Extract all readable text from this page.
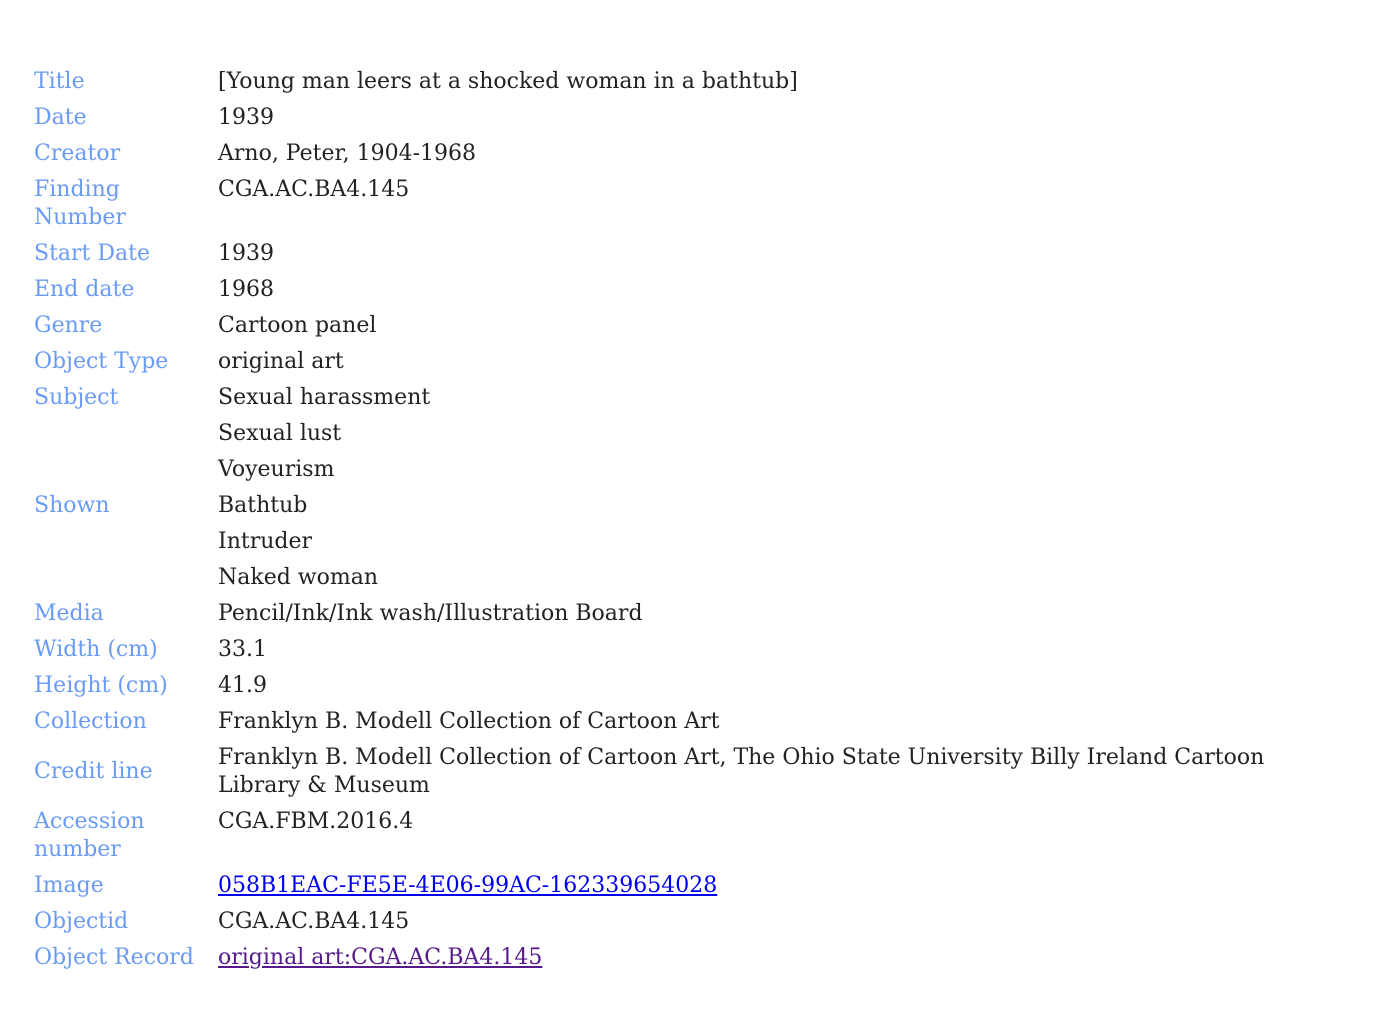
Title	[Young man leers at a shocked woman in a bathtub]

Date	1939

Creator	Arno, Peter, 1904-1968

Finding Number	CGA.AC.BA4.145

Start Date	1939

End date	1968

Genre	Cartoon panel

Object Type	original art

Subject	Sexual harassment
Sexual lust
Voyeurism

Shown	Bathtub
Intruder
Naked woman

Media	Pencil/Ink/Ink wash/Illustration Board

Width (cm)	33.1

Height (cm)	41.9

Collection	Franklyn B. Modell Collection of Cartoon Art

Credit line	Franklyn B. Modell Collection of Cartoon Art, The Ohio State University Billy Ireland Cartoon Library & Museum

Accession number	CGA.FBM.2016.4

Image	058B1EAC-FE5E-4E06-99AC-162339654028

Objectid	CGA.AC.BA4.145

Object Record	original art:CGA.AC.BA4.145
